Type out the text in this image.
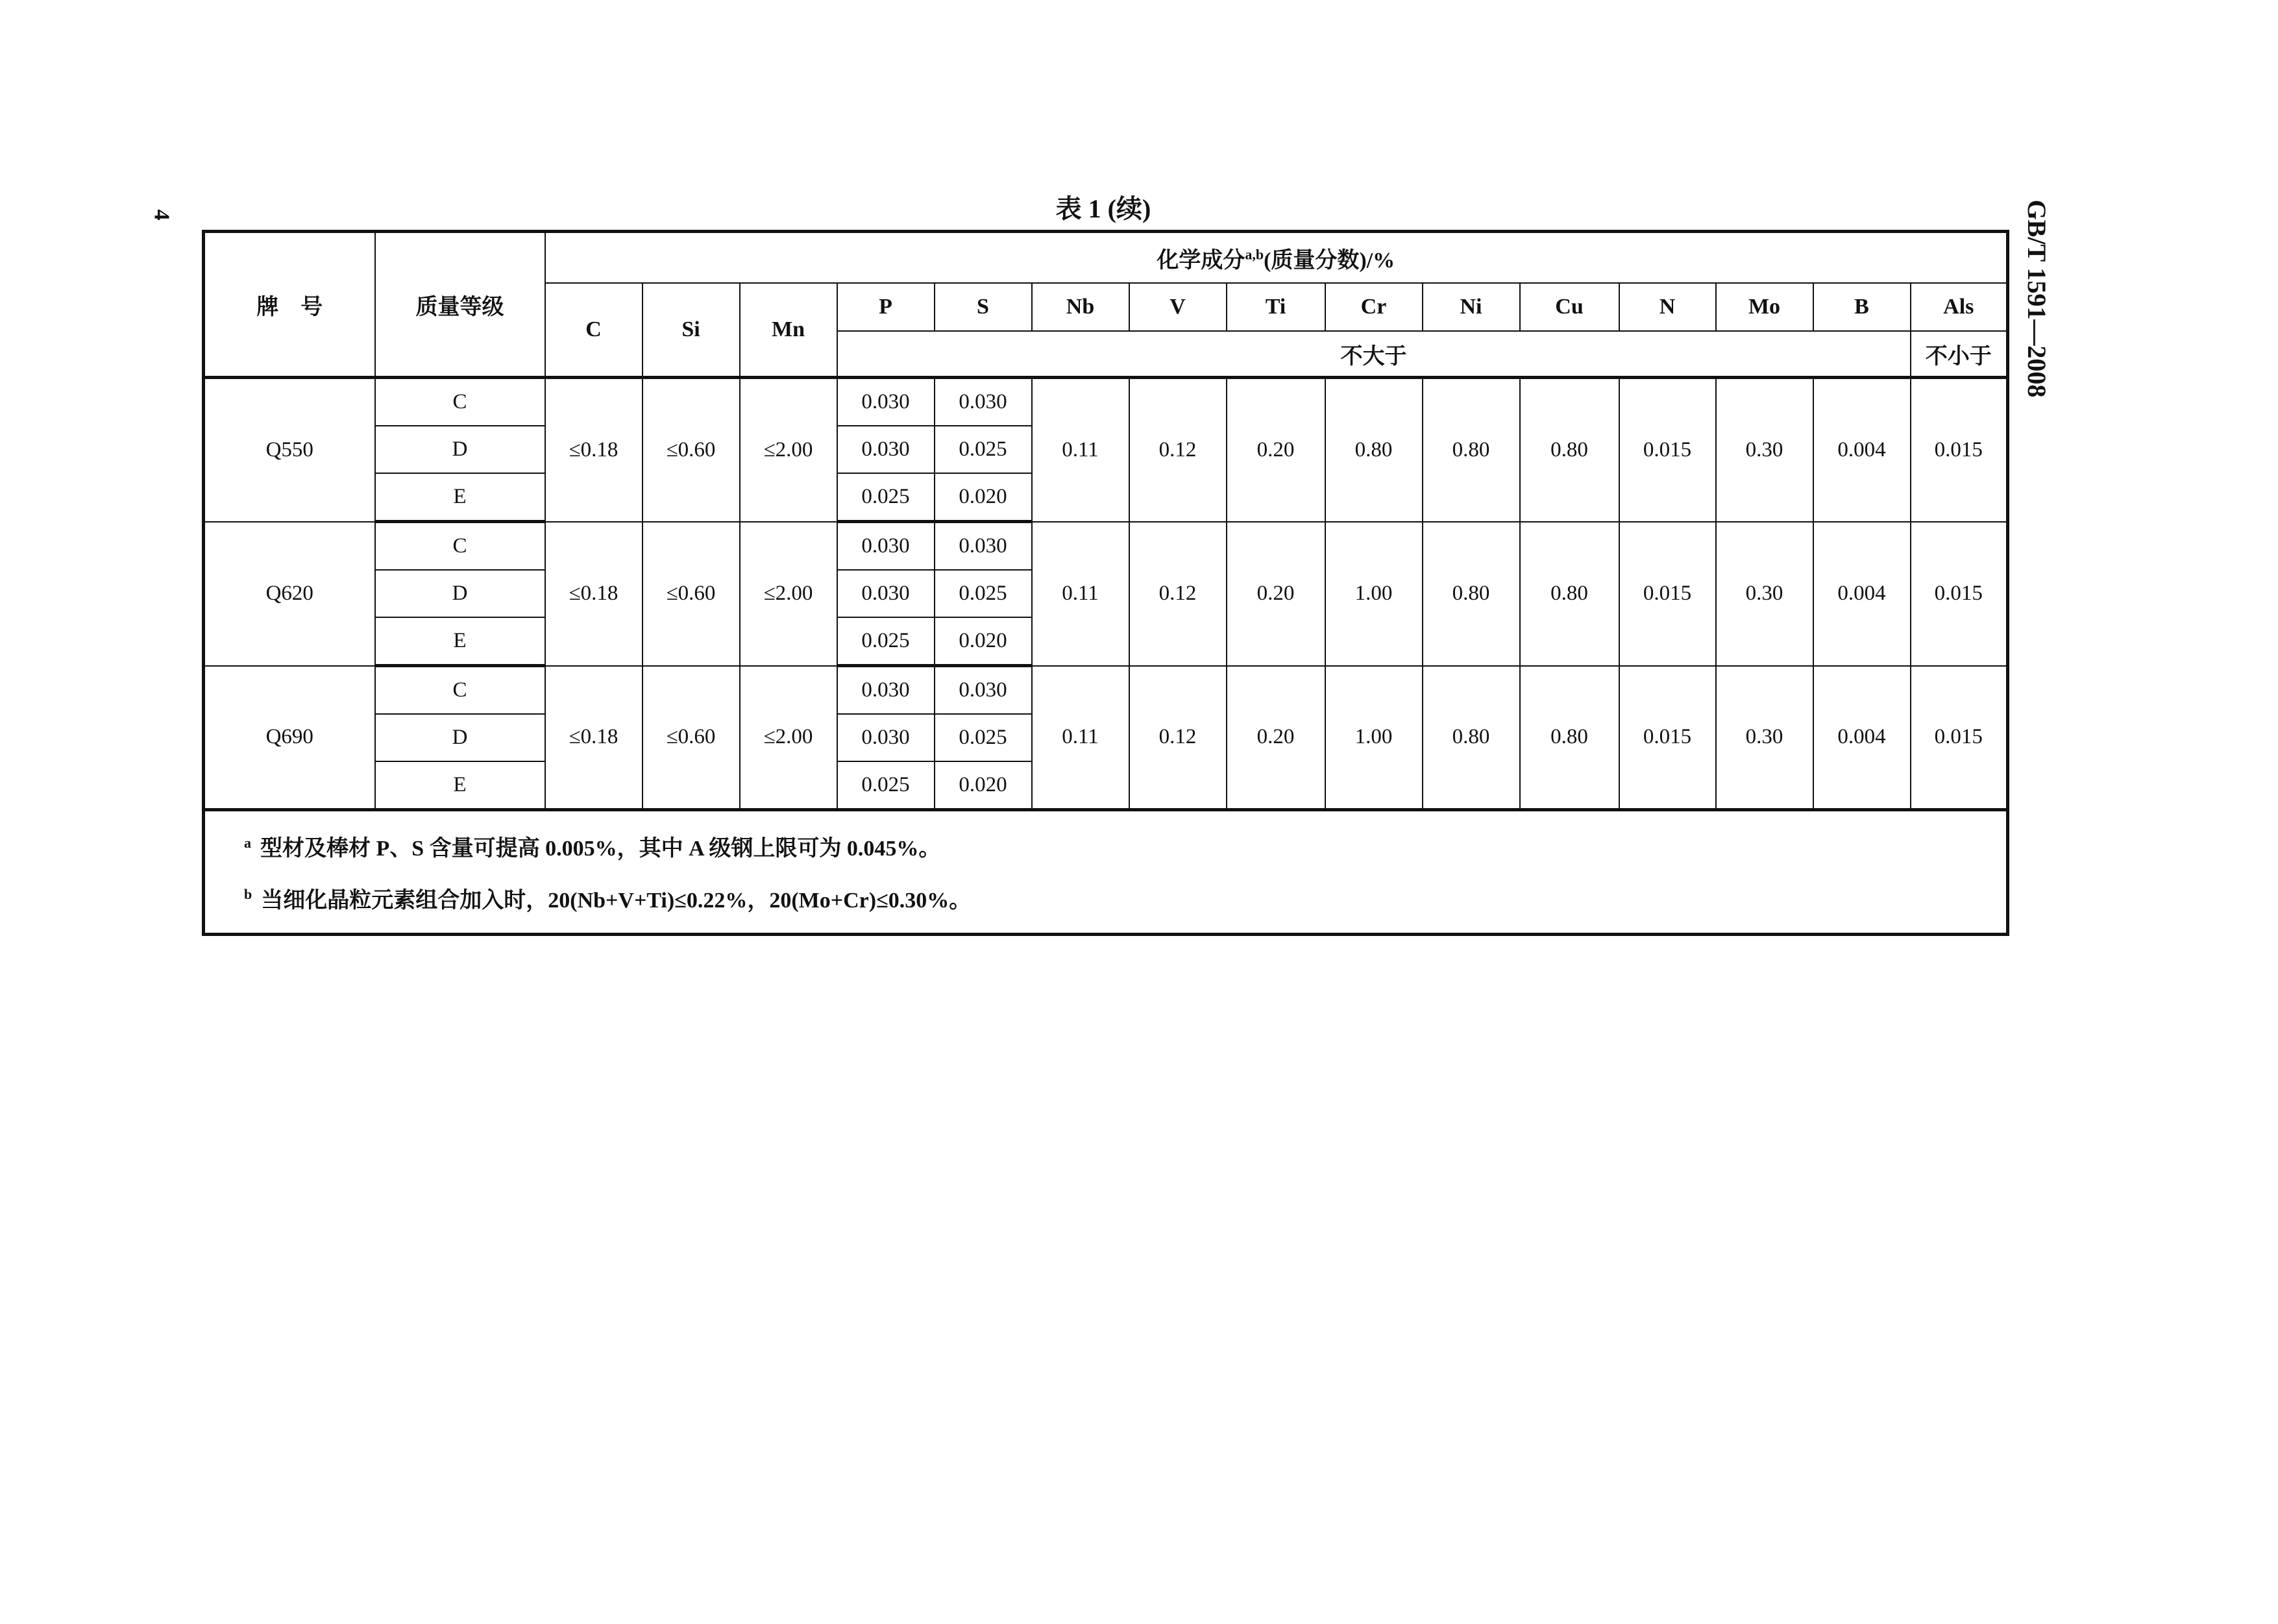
4	GB/T 1591—2008
表 1 (续)
牌　号	质量等级	化学成分$^{a,b}$(质量分数)/%														
		C	Si	Mn	P	S	Nb	V	Ti	Cr	Ni	Cu	N	Mo	B	Als
					不大于											不小于
Q550	C	≤0.18	≤0.60	≤2.00	0.030	0.030	0.11	0.12	0.20	0.80	0.80	0.80	0.015	0.30	0.004	0.015
	D				0.030	0.025										
	E				0.025	0.020										
Q620	C	≤0.18	≤0.60	≤2.00	0.030	0.030	0.11	0.12	0.20	1.00	0.80	0.80	0.015	0.30	0.004	0.015
	D				0.030	0.025										
	E				0.025	0.020										
Q690	C	≤0.18	≤0.60	≤2.00	0.030	0.030	0.11	0.12	0.20	1.00	0.80	0.80	0.015	0.30	0.004	0.015
	D				0.030	0.025										
	E				0.025	0.020										

$^a$ 型材及棒材 P、S 含量可提高 0.005%，其中 A 级钢上限可为 0.045%。
$^b$ 当细化晶粒元素组合加入时，20(Nb+V+Ti)≤0.22%，20(Mo+Cr)≤0.30%。																
